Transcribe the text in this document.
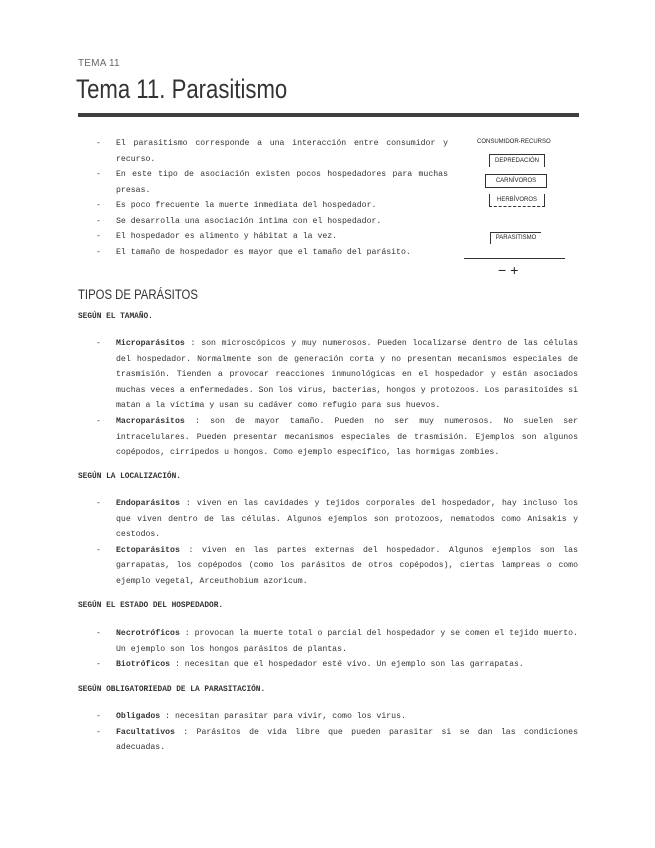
TEMA 11
Tema 11. Parasitismo
- El parasitismo corresponde a una interacción entre consumidor y recurso.
- En este tipo de asociación existen pocos hospedadores para muchas presas.
- Es poco frecuente la muerte inmediata del hospedador.
- Se desarrolla una asociación íntima con el hospedador.
- El hospedador es alimento y hábitat a la vez.
- El tamaño de hospedador es mayor que el tamaño del parásito.
CONSUMIDOR-RECURSO
DEPREDACIÓN
CARNÍVOROS
HERBÍVOROS
PARASITISMO
−+
TIPOS DE PARÁSITOS
SEGÚN EL TAMAÑO.
- Microparásitos : son microscópicos y muy numerosos. Pueden localizarse dentro de las células del hospedador. Normalmente son de generación corta y no presentan mecanismos especiales de trasmisión. Tienden a provocar reacciones inmunológicas en el hospedador y están asociados muchas veces a enfermedades. Son los virus, bacterias, hongos y protozoos. Los parasitoides si matan a la víctima y usan su cadáver como refugio para sus huevos.
- Macroparásitos : son de mayor tamaño. Pueden no ser muy numerosos. No suelen ser intracelulares. Pueden presentar mecanismos especiales de trasmisión. Ejemplos son algunos copépodos, cirrípedos u hongos. Como ejemplo específico, las hormigas zombies.
SEGÚN LA LOCALIZACIÓN.
- Endoparásitos : viven en las cavidades y tejidos corporales del hospedador, hay incluso los que viven dentro de las células. Algunos ejemplos son protozoos, nematodos como Anisakis y cestodos.
- Ectoparásitos : viven en las partes externas del hospedador. Algunos ejemplos son las garrapatas, los copépodos (como los parásitos de otros copépodos), ciertas lampreas o como ejemplo vegetal, Arceuthobium azoricum.
SEGÚN EL ESTADO DEL HOSPEDADOR.
- Necrotróficos : provocan la muerte total o parcial del hospedador y se comen el tejido muerto. Un ejemplo son los hongos parásitos de plantas.
- Biotróficos : necesitan que el hospedador esté vivo. Un ejemplo son las garrapatas.
SEGÚN OBLIGATORIEDAD DE LA PARASITACIÓN.
- Obligados : necesitan parasitar para vivir, como los virus.
- Facultativos : Parásitos de vida libre que pueden parasitar si se dan las condiciones adecuadas.
